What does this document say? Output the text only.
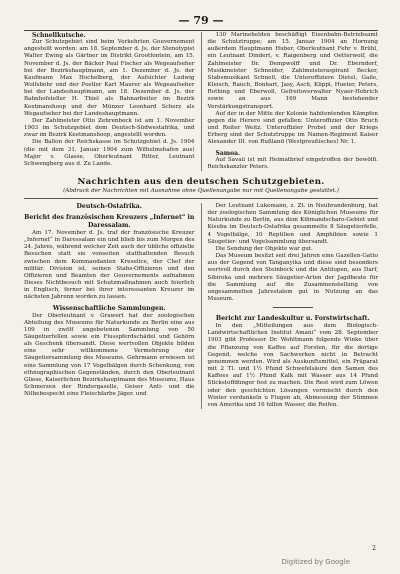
— 79 —

Schnellkutsche.

Zur Schutzgebiet sind beim Verkehrten Gouvernement angestellt worden: am 18. September d. Js. der Stenotypist Walter Ewing als Gärtner im Distrikt Grootfontein, am 15. November d. Js. der Bäcker Paul Fischer als Wegeaufseher bei der Bezirkshauptmann, am 1. Dezember d. Js. der Kaufmann Max Hochelberg, der Aufsichter Ludwig Wolfsbohr und der Postler Karl Maurer als Wegeaufseher bei der Landeshauptmann, am 18. Dezember d. Js. der Bahnhofsteller H. Thiel als Bahnarbeiter im Bezirk Keetmanshoop und der Münzer Leonhard Scherz als Wegaufseher bei der Landeshauptmann.

Der Zahlmeister Otto Zehrenbeck ist am 1. November 1903 im Schutzgebiet dem Deutsch-Südwestafrika, und zwar im Bezirk Keetmanshoop, angestellt worden.

Die Ballon der Reichskasse im Schutzgebiet d. Js. 1904 (die mit dem 31. Januar 1904 zum Wilhelmshafen aus) Major v. Glasse, Oberleutnant Ritter, Leutnant Schwengberg aus d. Zu Lande.

130 Marinehelden beschäftigt Eisenbahn-Betriebsamt die Schutztruppe; am 15. Januar 1904 an Hornung außerdem Hauptmann Huber, Oberleutnant Fehr v. Brühl, ein Leutnant Dindert, v. Raigenberg und Oetterwolf, die Zahlmeister Dr. Dempwolff und Dr. Eberndorf, Musikmeister Schneider, Zahlmeisteraspirant Becker, Stabsmusikant Schnell, die Unteroffiziere Dietel, Gaile, Kleisch, Rauch, Bonhart, Jasy, Asch, Klippi, Hueter, Peters, Rothing und Eberwoll, Gefreitoverwalter Nyaer-Hohrich sowie an aus 169 Mann bestehender Verstärkungstransport.

Auf der in der Mitte der Kolonie habitentenden Kämpfen gegen die Herero sind gefallen: Unteroffizier Otto Bruch und Reiter Weitz. Unteroffizier Probst und der Kriegs Erberg sind der Schutztruppe im Namen-Regiment Kaiser Alexander III. von Rußland (Westpreußisches) Nr. 1.

Samoa.

Auf Savaii ist mit Heimatbrief eingetroffen der bewölfi. Reichskanzler Peters.

Nachrichten aus den deutschen Schutzgebieten.
(Abdruck der Nachrichten mit Ausnahme ohne Quellenangabe nur mit Quellenangabe gestattet.)

Deutsch-Ostafrika.

Bericht des französischen Kreuzers „Infernet“ in Daressalam.

Am 17. November d. Js. traf der französische Kreuzer „Infernet“ in Daressalam ein und blieb bis zum Morgen des 24. Jahres, während welcher Zeit auch der übliche offizielle Besuchen statt sie vonseiten statthaltenden Besuch zwischen dem Kommandanten Kreselice, der Chef der militär. Division ist, seinen Stabs-Offizieren und den Offizieren und Beamten der Gouvernements aufnahmen Dieses Nichtbesuch mit Schutzmaßnahmen auch feierlich in Englisch, ferner bei ihrer interessanten Kreuzer im nächsten Jahrenn worden zu lassen.

Wissenschaftliche Sammlungen.

Der Oberleutnant v. Grawert hat der zoologischen Abteilung des Museums für Naturkunde zu Berlin eine aus 109 in zwölf ungebetenen Sammlung von 50 Säugetierfellen sowie ein Flusspferdschädel und Gehörn als Geschenk übersandt. Diese wertvollen Objekte bilden eine sehr willkommene Vermehrung der Säugetiersammlung des Museums. Gehrmann erwiesen ist eine Sammlung von 17 Vogelbälgen durch Schenkung, von ethnographischen Gegenständen, durch den Oberleutnant Gliese, Kaiserlichen Bezirkshauptmann des Museums, Haus Schmerzen der Rindergaselle, Geiser Anti- und die Nilhebespecht eine Fleischfarbe Jäger. und

Der Leutnant Lukemann, z. Zt. in Neubrandenburg, hat der zoologischen Sammlung des Königlichen Museums für Naturkunde zu Berlin, aus dem Kilimandscharo-Gebiet und Kisuba im Deutsch-Ostafrika gesammelte 8 Säugetierfelle, 4 Vogelbälge, 10 Reptilien und Amphibien sowie 1 Säugetier- und Vogelsammlung übersandt.

Die Sendung der Objekte war gut.

Das Museum besitzt seit drei Jahren eine Gazellen-Gatto aus der Gegend von Tanganyika und diese sind besonders wertvoll durch den Steinbock und die Antilopen, aus Darf, Sibiroka und mehrere Säugetier-Arten der Jagdbeute für die Sammlung auf die Zusammenstellung von ungesammelten Jahrestalem gut in Nutzung an das Museum.

Bericht zur Landeskultur u. Forstwirtschaft.

In den „Mitteilungen aus dem Biologisch-Landwirtschaftlichen Institut Amani“ vom 28. September 1903 gibt Professor Dr. Wohltmann folgende Winke über die Pflanzung von Kaffee auf Forsten, für die dortige Gegend, welche von Sachwerken nicht in Betracht genommen werden. Wird als Auskunftsmittel, ein Präparat mit 2 Tl. und 1½ Pfund Schwefelsäure den Samen des Kaffees auf 1½ Pfund Kalk mit Wasser aus 14 Pfund Stickstoffdünger fest zu machen. Die Rest wird zum Löwen oder den geschichten Lösungen vermischt durch den Winter verdunkeln u Flugen ab, Abmessung der Stimmen von Amerika und 16 hilfen Wasser, die Reifen.

2
Digitized by Google
